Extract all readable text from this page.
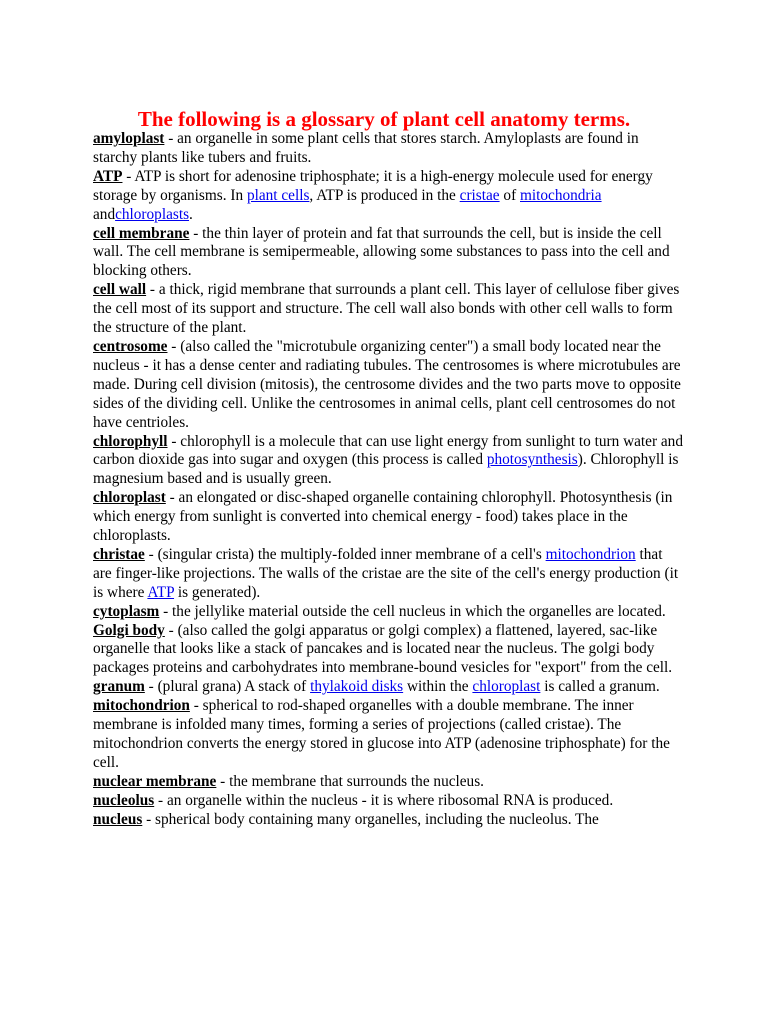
The following is a glossary of plant cell anatomy terms.

amyloplast - an organelle in some plant cells that stores starch. Amyloplasts are found in starchy plants like tubers and fruits.

ATP - ATP is short for adenosine triphosphate; it is a high-energy molecule used for energy storage by organisms. In plant cells, ATP is produced in the cristae of mitochondria andchloroplasts.

cell membrane - the thin layer of protein and fat that surrounds the cell, but is inside the cell wall. The cell membrane is semipermeable, allowing some substances to pass into the cell and blocking others.

cell wall - a thick, rigid membrane that surrounds a plant cell. This layer of cellulose fiber gives the cell most of its support and structure. The cell wall also bonds with other cell walls to form the structure of the plant.

centrosome - (also called the "microtubule organizing center") a small body located near the nucleus - it has a dense center and radiating tubules. The centrosomes is where microtubules are made. During cell division (mitosis), the centrosome divides and the two parts move to opposite sides of the dividing cell. Unlike the centrosomes in animal cells, plant cell centrosomes do not have centrioles.

chlorophyll - chlorophyll is a molecule that can use light energy from sunlight to turn water and carbon dioxide gas into sugar and oxygen (this process is called photosynthesis). Chlorophyll is magnesium based and is usually green.

chloroplast - an elongated or disc-shaped organelle containing chlorophyll. Photosynthesis (in which energy from sunlight is converted into chemical energy - food) takes place in the chloroplasts.

christae - (singular crista) the multiply-folded inner membrane of a cell's mitochondrion that are finger-like projections. The walls of the cristae are the site of the cell's energy production (it is where ATP is generated).

cytoplasm - the jellylike material outside the cell nucleus in which the organelles are located.

Golgi body - (also called the golgi apparatus or golgi complex) a flattened, layered, sac-like organelle that looks like a stack of pancakes and is located near the nucleus. The golgi body packages proteins and carbohydrates into membrane-bound vesicles for "export" from the cell.

granum - (plural grana) A stack of thylakoid disks within the chloroplast is called a granum.

mitochondrion - spherical to rod-shaped organelles with a double membrane. The inner membrane is infolded many times, forming a series of projections (called cristae). The mitochondrion converts the energy stored in glucose into ATP (adenosine triphosphate) for the cell.

nuclear membrane - the membrane that surrounds the nucleus.

nucleolus - an organelle within the nucleus - it is where ribosomal RNA is produced.

nucleus - spherical body containing many organelles, including the nucleolus. The
